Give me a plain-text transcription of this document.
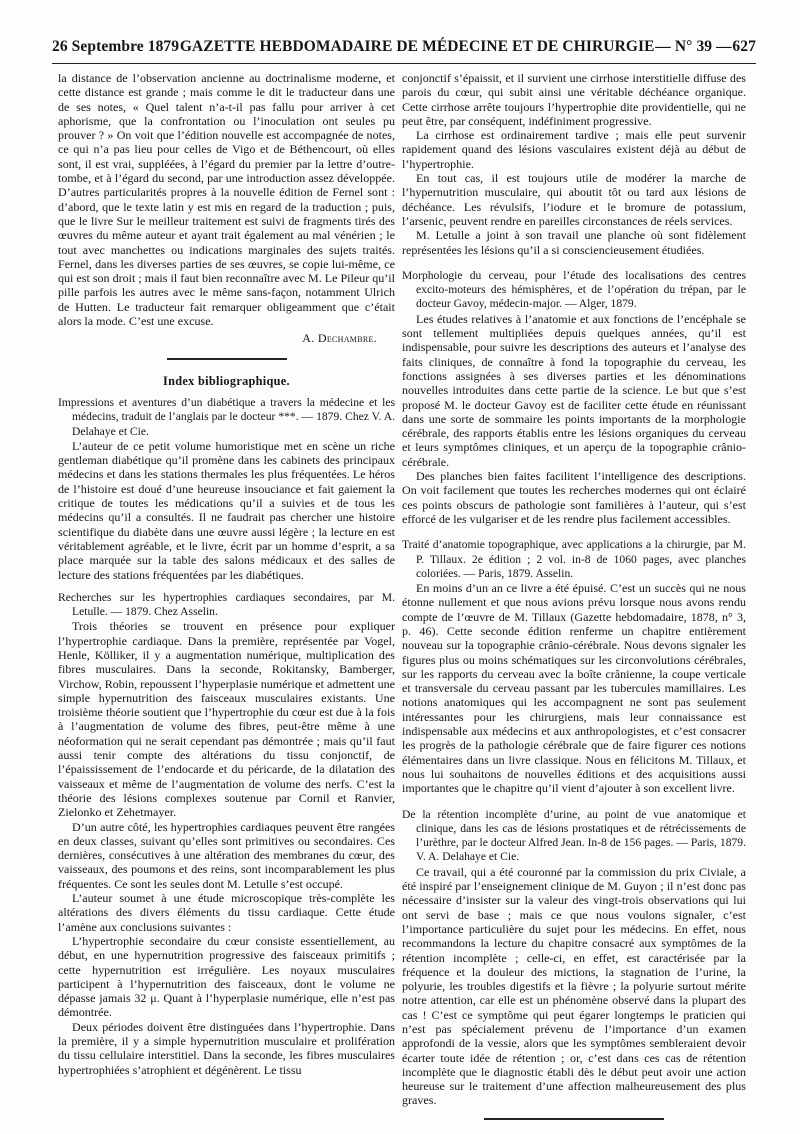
26 Septembre 1879 GAZETTE HEBDOMADAIRE DE MÉDECINE ET DE CHIRURGIE — N° 39 — 627

la distance de l’observation ancienne au doctrinalisme moderne, et cette distance est grande ; mais comme le dit le traducteur dans une de ses notes, « Quel talent n’a-t-il pas fallu pour arriver à cet aphorisme, que la confrontation ou l’inoculation ont seules pu prouver ? » On voit que l’édition nouvelle est accompagnée de notes, ce qui n’a pas lieu pour celles de Vigo et de Béthencourt, où elles sont, il est vrai, suppléées, à l’égard du premier par la lettre d’outre-tombe, et à l’égard du second, par une introduction assez développée. D’autres particularités propres à la nouvelle édition de Fernel sont : d’abord, que le texte latin y est mis en regard de la traduction ; puis, que le livre Sur le meilleur traitement est suivi de fragments tirés des œuvres du même auteur et ayant trait également au mal vénérien ; le tout avec manchettes ou indications marginales des sujets traités. Fernel, dans les diverses parties de ses œuvres, se copie lui-même, ce qui est son droit ; mais il faut bien reconnaître avec M. Le Pileur qu’il pille parfois les autres avec le même sans-façon, notamment Ulrich de Hutten. Le traducteur fait remarquer obligeamment que c’était alors la mode. C’est une excuse.

A. Dechambre.
Index bibliographique.

Impressions et aventures d’un diabétique a travers la médecine et les médecins, traduit de l’anglais par le docteur ***. — 1879. Chez V. A. Delahaye et Cie.

L’auteur de ce petit volume humoristique met en scène un riche gentleman diabétique qu’il promène dans les cabinets des principaux médecins et dans les stations thermales les plus fréquentées. Le héros de l’histoire est doué d’une heureuse insouciance et fait gaiement la critique de toutes les médications qu’il a suivies et de tous les médecins qu’il a consultés. Il ne faudrait pas chercher une histoire scientifique du diabète dans une œuvre aussi légère ; la lecture en est véritablement agréable, et le livre, écrit par un homme d’esprit, a sa place marquée sur la table des salons médicaux et des salles de lecture des stations fréquentées par les diabétiques.

Recherches sur les hypertrophies cardiaques secondaires, par M. Letulle. — 1879. Chez Asselin.

Trois théories se trouvent en présence pour expliquer l’hypertrophie cardiaque. Dans la première, représentée par Vogel, Henle, Kölliker, il y a augmentation numérique, multiplication des fibres musculaires. Dans la seconde, Rokitansky, Bamberger, Virchow, Robin, repoussent l’hyperplasie numérique et admettent une simple hypernutrition des faisceaux musculaires existants. Une troisième théorie soutient que l’hypertrophie du cœur est due à la fois à l’augmentation de volume des fibres, peut-être même à une néoformation qui ne serait cependant pas démontrée ; mais qu’il faut aussi tenir compte des altérations du tissu conjonctif, de l’épaississement de l’endocarde et du péricarde, de la dilatation des vaisseaux et même de l’augmentation de volume des nerfs. C’est la théorie des lésions complexes soutenue par Cornil et Ranvier, Zielonko et Zehetmayer.

D’un autre côté, les hypertrophies cardiaques peuvent être rangées en deux classes, suivant qu’elles sont primitives ou secondaires. Ces dernières, consécutives à une altération des membranes du cœur, des vaisseaux, des poumons et des reins, sont incomparablement les plus fréquentes. Ce sont les seules dont M. Letulle s’est occupé.

L’auteur soumet à une étude microscopique très-complète les altérations des divers éléments du tissu cardiaque. Cette étude l’amène aux conclusions suivantes :

L’hypertrophie secondaire du cœur consiste essentiellement, au début, en une hypernutrition progressive des faisceaux primitifs ; cette hypernutrition est irrégulière. Les noyaux musculaires participent à l’hypernutrition des faisceaux, dont le volume ne dépasse jamais 32 μ. Quant à l’hyperplasie numérique, elle n’est pas démontrée.

Deux périodes doivent être distinguées dans l’hypertrophie. Dans la première, il y a simple hypernutrition musculaire et prolifération du tissu cellulaire interstitiel. Dans la seconde, les fibres musculaires hypertrophiées s’atrophient et dégénèrent. Le tissu

conjonctif s’épaissit, et il survient une cirrhose interstitielle diffuse des parois du cœur, qui subit ainsi une véritable déchéance organique. Cette cirrhose arrête toujours l’hypertrophie dite providentielle, qui ne peut être, par conséquent, indéfiniment progressive.

La cirrhose est ordinairement tardive ; mais elle peut survenir rapidement quand des lésions vasculaires existent déjà au début de l’hypertrophie.

En tout cas, il est toujours utile de modérer la marche de l’hypernutrition musculaire, qui aboutit tôt ou tard aux lésions de déchéance. Les révulsifs, l’iodure et le bromure de potassium, l’arsenic, peuvent rendre en pareilles circonstances de réels services.

M. Letulle a joint à son travail une planche où sont fidèlement représentées les lésions qu’il a si consciencieusement étudiées.

Morphologie du cerveau, pour l’étude des localisations des centres excito-moteurs des hémisphères, et de l’opération du trépan, par le docteur Gavoy, médecin-major. — Alger, 1879.

Les études relatives à l’anatomie et aux fonctions de l’encéphale se sont tellement multipliées depuis quelques années, qu’il est indispensable, pour suivre les descriptions des auteurs et l’analyse des faits cliniques, de connaître à fond la topographie du cerveau, les fonctions assignées à ses diverses parties et les dénominations nouvelles introduites dans cette partie de la science. Le but que s’est proposé M. le docteur Gavoy est de faciliter cette étude en réunissant dans une sorte de sommaire les points importants de la morphologie cérébrale, des rapports établis entre les lésions organiques du cerveau et leurs symptômes cliniques, et un aperçu de la topographie crânio-cérébrale.

Des planches bien faites facilitent l’intelligence des descriptions. On voit facilement que toutes les recherches modernes qui ont éclairé ces points obscurs de pathologie sont familières à l’auteur, qui s’est efforcé de les vulgariser et de les rendre plus facilement accessibles.

Traité d’anatomie topographique, avec applications a la chirurgie, par M. P. Tillaux. 2e édition ; 2 vol. in-8 de 1060 pages, avec planches coloriées. — Paris, 1879. Asselin.

En moins d’un an ce livre a été épuisé. C’est un succès qui ne nous étonne nullement et que nous avions prévu lorsque nous avons rendu compte de l’œuvre de M. Tillaux (Gazette hebdomadaire, 1878, n° 3, p. 46). Cette seconde édition renferme un chapitre entièrement nouveau sur la topographie crânio-cérébrale. Nous devons signaler les figures plus ou moins schématiques sur les circonvolutions cérébrales, sur les rapports du cerveau avec la boîte crânienne, la coupe verticale et transversale du cerveau passant par les tubercules mamillaires. Les notions anatomiques qui les accompagnent ne sont pas seulement intéressantes pour les chirurgiens, mais leur connaissance est indispensable aux médecins et aux anthropologistes, et c’est consacrer les progrès de la pathologie cérébrale que de faire figurer ces notions élémentaires dans un livre classique. Nous en félicitons M. Tillaux, et nous lui souhaitons de nouvelles éditions et des acquisitions aussi importantes que le chapitre qu’il vient d’ajouter à son excellent livre.

De la rétention incomplète d’urine, au point de vue anatomique et clinique, dans les cas de lésions prostatiques et de rétrécissements de l’urèthre, par le docteur Alfred Jean. In-8 de 156 pages. — Paris, 1879. V. A. Delahaye et Cie.

Ce travail, qui a été couronné par la commission du prix Civiale, a été inspiré par l’enseignement clinique de M. Guyon ; il n’est donc pas nécessaire d’insister sur la valeur des vingt-trois observations qui lui ont servi de base ; mais ce que nous voulons signaler, c’est l’importance particulière du sujet pour les médecins. En effet, nous recommandons la lecture du chapitre consacré aux symptômes de la rétention incomplète ; celle-ci, en effet, est caractérisée par la fréquence et la douleur des mictions, la stagnation de l’urine, la polyurie, les troubles digestifs et la fièvre ; la polyurie surtout mérite notre attention, car elle est un phénomène observé dans la plupart des cas ! C’est ce symptôme qui peut égarer longtemps le praticien qui n’est pas spécialement prévenu de l’importance d’un examen approfondi de la vessie, alors que les symptômes sembleraient devoir écarter toute idée de rétention ; or, c’est dans ces cas de rétention incomplète que le diagnostic établi dès le début peut avoir une action heureuse sur le traitement d’une affection malheureusement des plus graves.
